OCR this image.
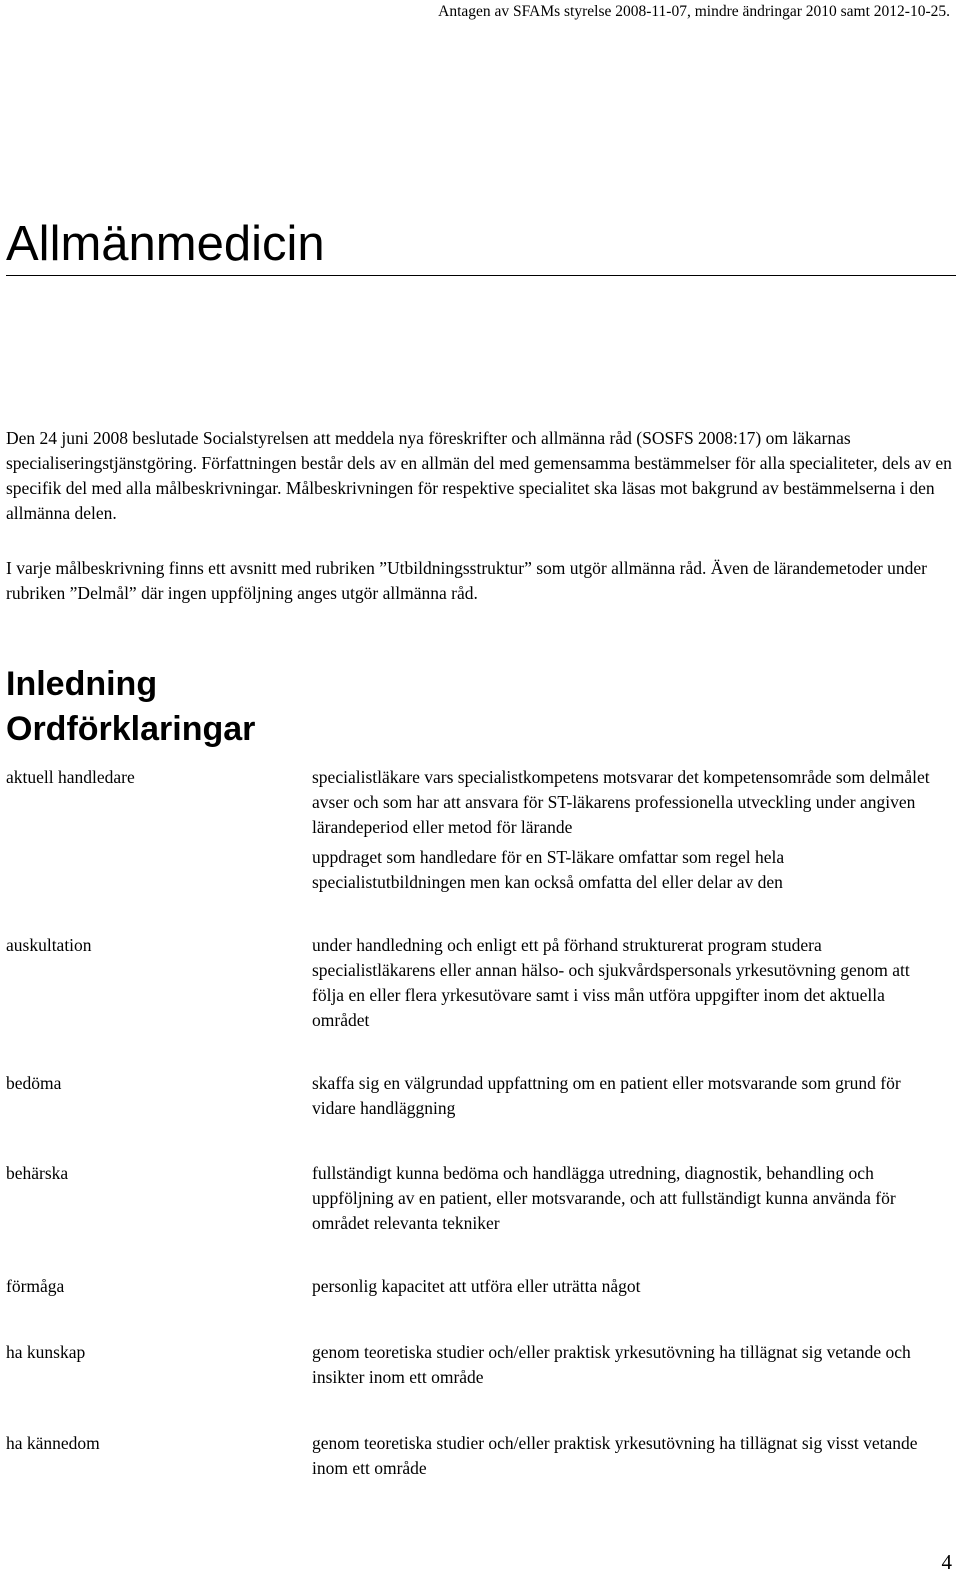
Antagen av SFAMs styrelse 2008-11-07, mindre ändringar 2010 samt 2012-10-25.
Allmänmedicin
Inledning

Den 24 juni 2008 beslutade Socialstyrelsen att meddela nya föreskrifter och allmänna råd (SOSFS 2008:17) om läkarnas specialiseringstjänstgöring. Författningen består dels av en allmän del med gemensamma bestämmelser för alla specialiteter, dels av en specifik del med alla målbeskrivningar. Målbeskrivningen för respektive specialitet ska läsas mot bakgrund av bestämmelserna i den allmänna delen.

I varje målbeskrivning finns ett avsnitt med rubriken ”Utbildningsstruktur” som utgör allmänna råd. Även de lärandemetoder under rubriken ”Delmål” där ingen uppföljning anges utgör allmänna råd.

Ordförklaringar
aktuell handledare	specialistläkare vars specialistkompetens motsvarar det kompetensområde som delmålet avser och som har att ansvara för ST-läkarens professionella utveckling under angiven lärandeperiod eller metod för lärande

uppdraget som handledare för en ST-läkare omfattar som regel hela specialistutbildningen men kan också omfatta del eller delar av den

auskultation	under handledning och enligt ett på förhand strukturerat program studera specialistläkarens eller annan hälso- och sjukvårdspersonals yrkesutövning genom att följa en eller flera yrkesutövare samt i viss mån utföra uppgifter inom det aktuella området

bedöma	skaffa sig en välgrundad uppfattning om en patient eller motsvarande som grund för vidare handläggning

behärska	fullständigt kunna bedöma och handlägga utredning, diagnostik, behandling och uppföljning av en patient, eller motsvarande, och att fullständigt kunna använda för området relevanta tekniker

förmåga	personlig kapacitet att utföra eller uträtta något

ha kunskap	genom teoretiska studier och/eller praktisk yrkesutövning ha tillägnat sig vetande och insikter inom ett område

ha kännedom	genom teoretiska studier och/eller praktisk yrkesutövning ha tillägnat sig visst vetande inom ett område

4
